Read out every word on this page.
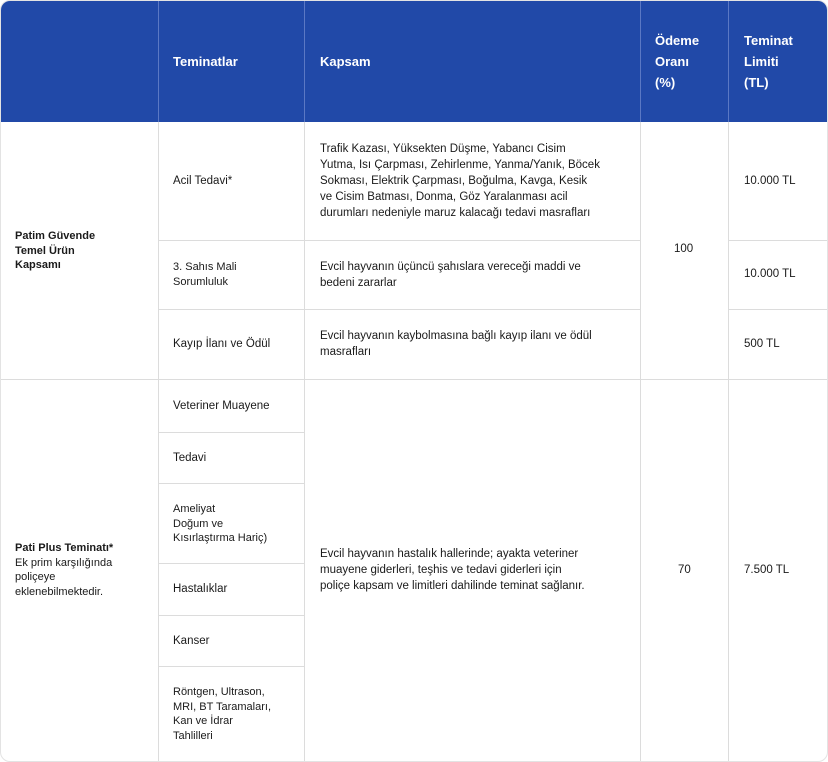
Teminatlar	Kapsam
Ödeme
Oranı
(%)
Teminat
Limiti
(TL)
Patim Güvende
Temel Ürün
Kapsamı
Acil Tedavi*
Trafik Kazası, Yüksekten Düşme, Yabancı Cisim
Yutma, Isı Çarpması, Zehirlenme, Yanma/Yanık, Böcek
Sokması, Elektrik Çarpması, Boğulma, Kavga, Kesik
ve Cisim Batması, Donma, Göz Yaralanması acil
durumları nedeniyle maruz kalacağı tedavi masrafları
10.000 TL
3. Sahıs Mali
Sorumluluk
Evcil hayvanın üçüncü şahıslara vereceği maddi ve
bedeni zararlar
10.000 TL
100
Kayıp İlanı ve Ödül
Evcil hayvanın kaybolmasına bağlı kayıp ilanı ve ödül
masrafları
500 TL
Pati Plus Teminatı*
Ek prim karşılığında
poliçeye
eklenebilmektedir.
Veteriner Muayene
Tedavi
Ameliyat
Doğum ve
Kısırlaştırma Hariç)
Hastalıklar
Kanser
Röntgen, Ultrason,
MRI, BT Taramaları,
Kan ve İdrar
Tahlilleri
Evcil hayvanın hastalık hallerinde; ayakta veteriner
muayene giderleri, teşhis ve tedavi giderleri için
poliçe kapsam ve limitleri dahilinde teminat sağlanır.
70	7.500 TL
